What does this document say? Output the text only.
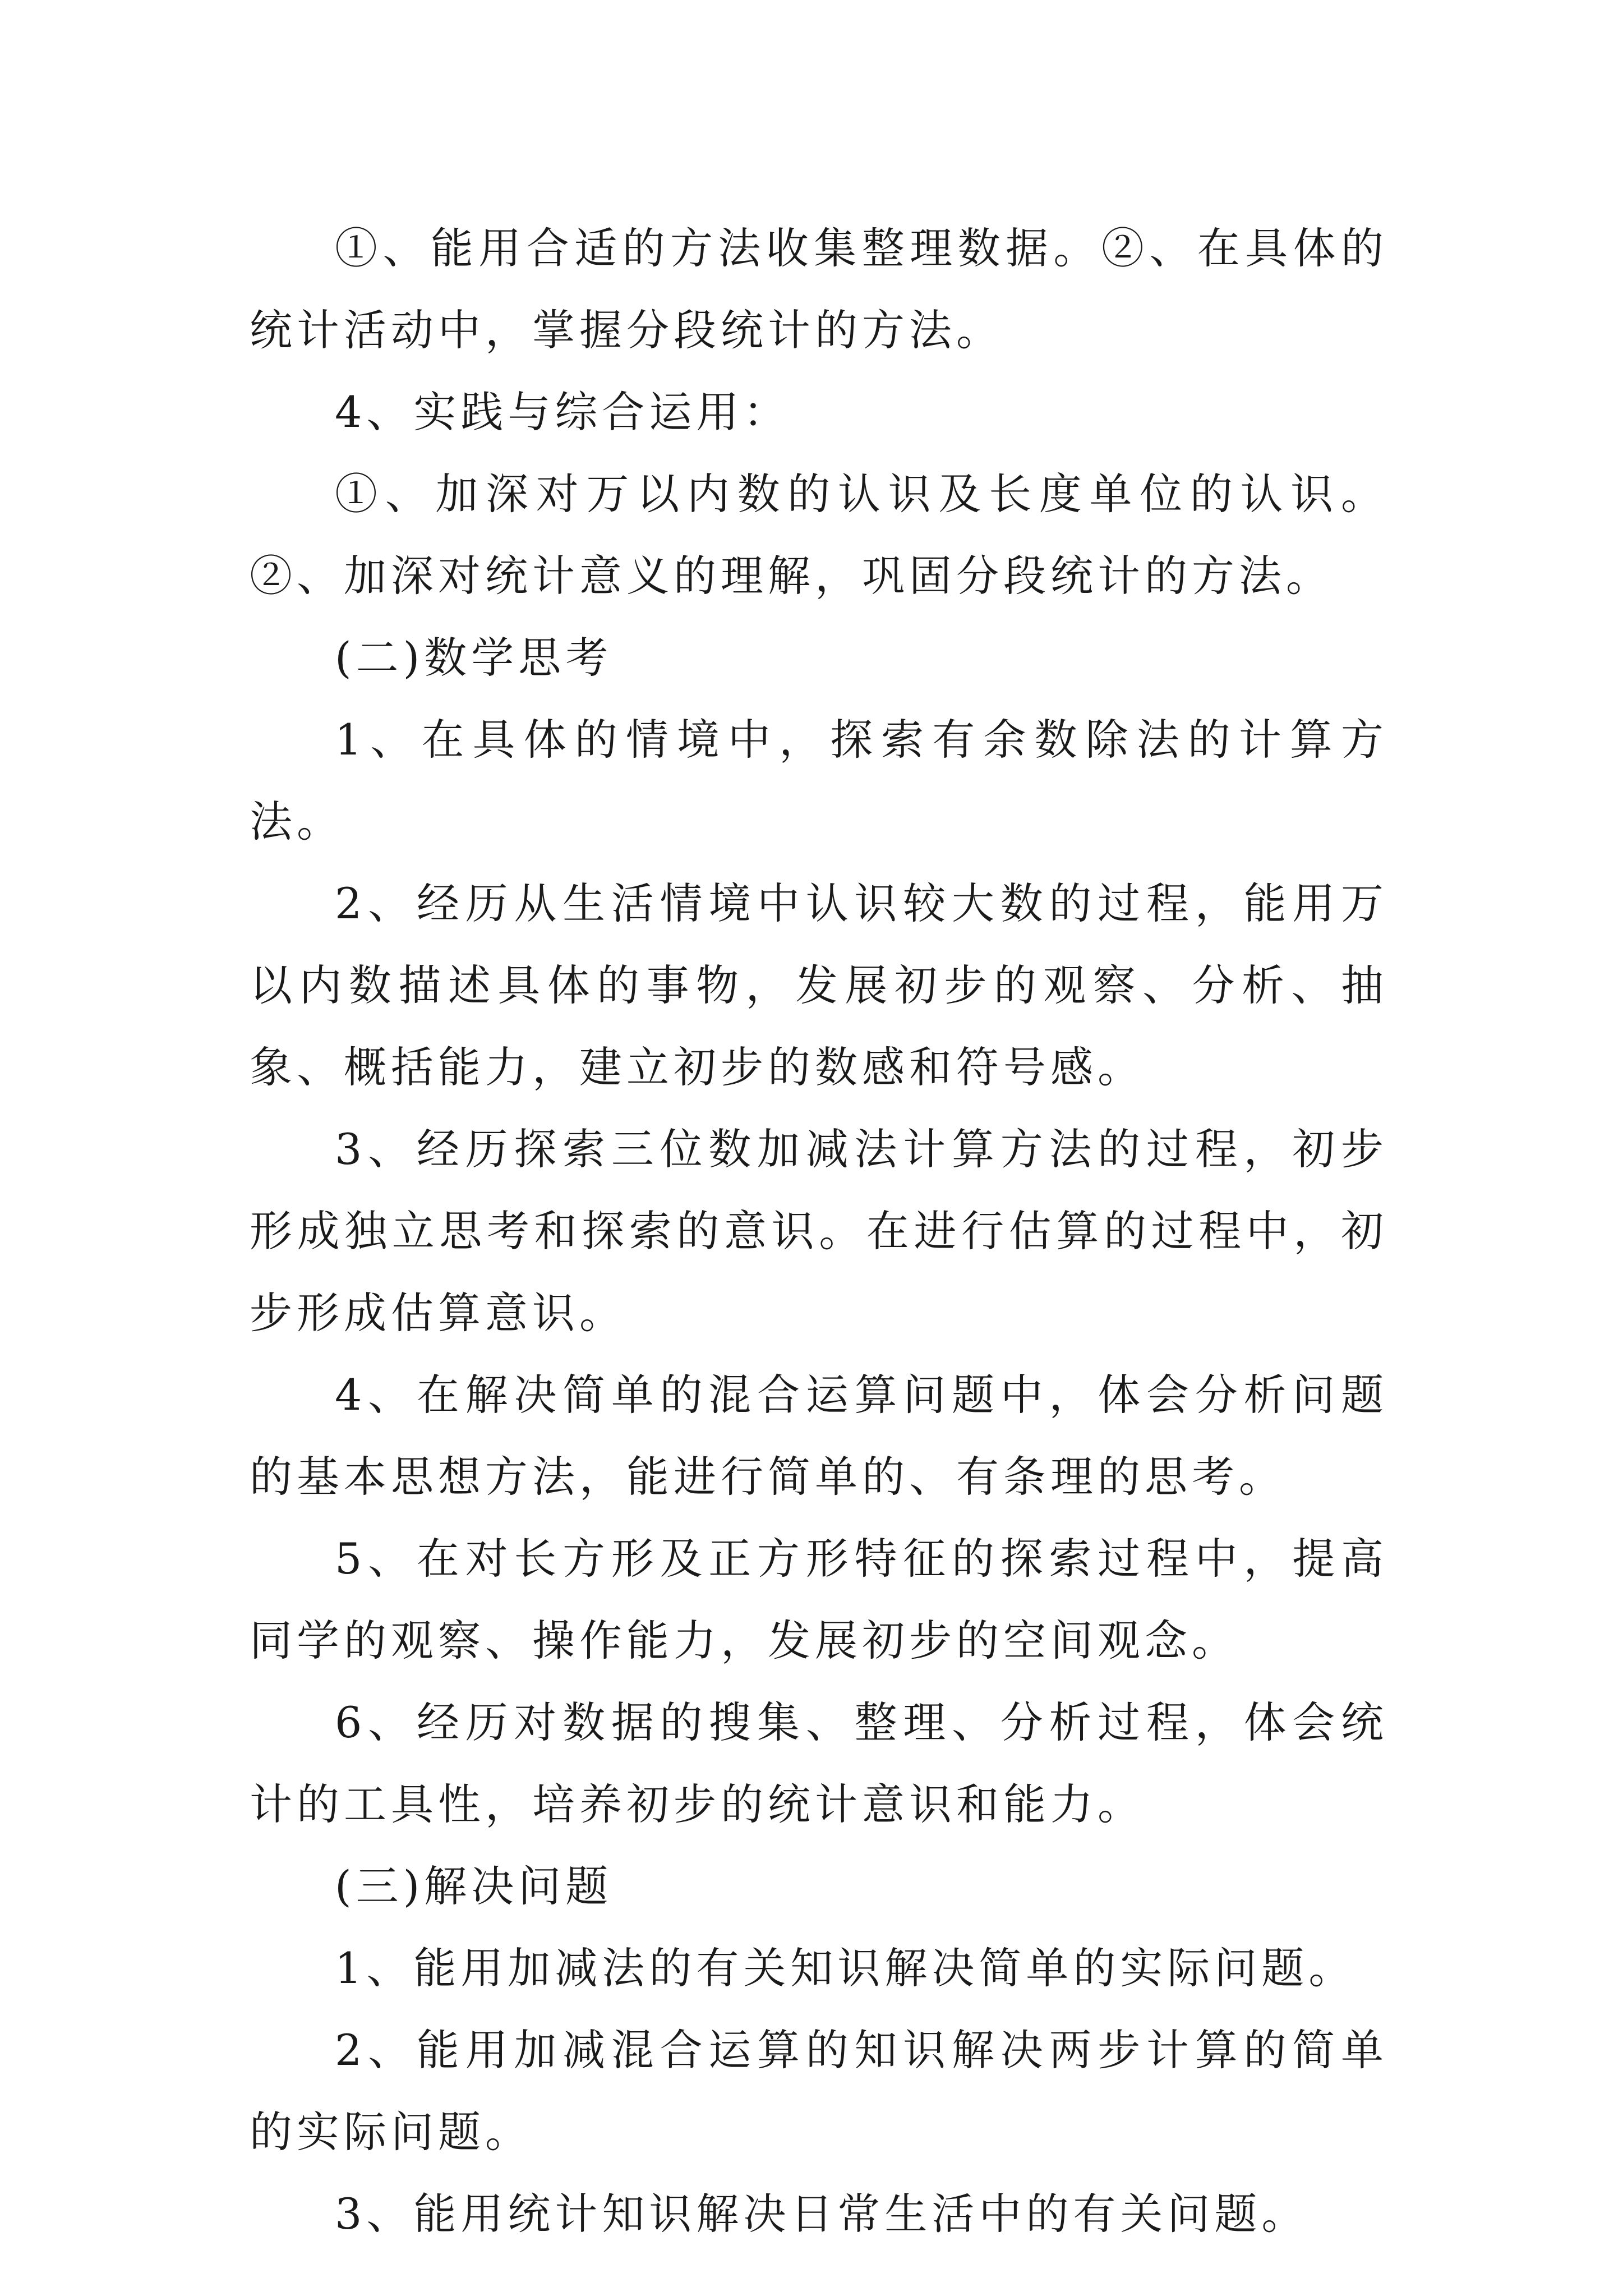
①、能用合适的方法收集整理数据。②、在具体的统计活动中，掌握分段统计的方法。

4、实践与综合运用：

①、加深对万以内数的认识及长度单位的认识。②、加深对统计意义的理解，巩固分段统计的方法。

(二)数学思考

1、在具体的情境中，探索有余数除法的计算方法。

2、经历从生活情境中认识较大数的过程，能用万以内数描述具体的事物，发展初步的观察、分析、抽象、概括能力，建立初步的数感和符号感。

3、经历探索三位数加减法计算方法的过程，初步形成独立思考和探索的意识。在进行估算的过程中，初步形成估算意识。

4、在解决简单的混合运算问题中，体会分析问题的基本思想方法，能进行简单的、有条理的思考。

5、在对长方形及正方形特征的探索过程中，提高同学的观察、操作能力，发展初步的空间观念。

6、经历对数据的搜集、整理、分析过程，体会统计的工具性，培养初步的统计意识和能力。

(三)解决问题

1、能用加减法的有关知识解决简单的实际问题。

2、能用加减混合运算的知识解决两步计算的简单的实际问题。

3、能用统计知识解决日常生活中的有关问题。
